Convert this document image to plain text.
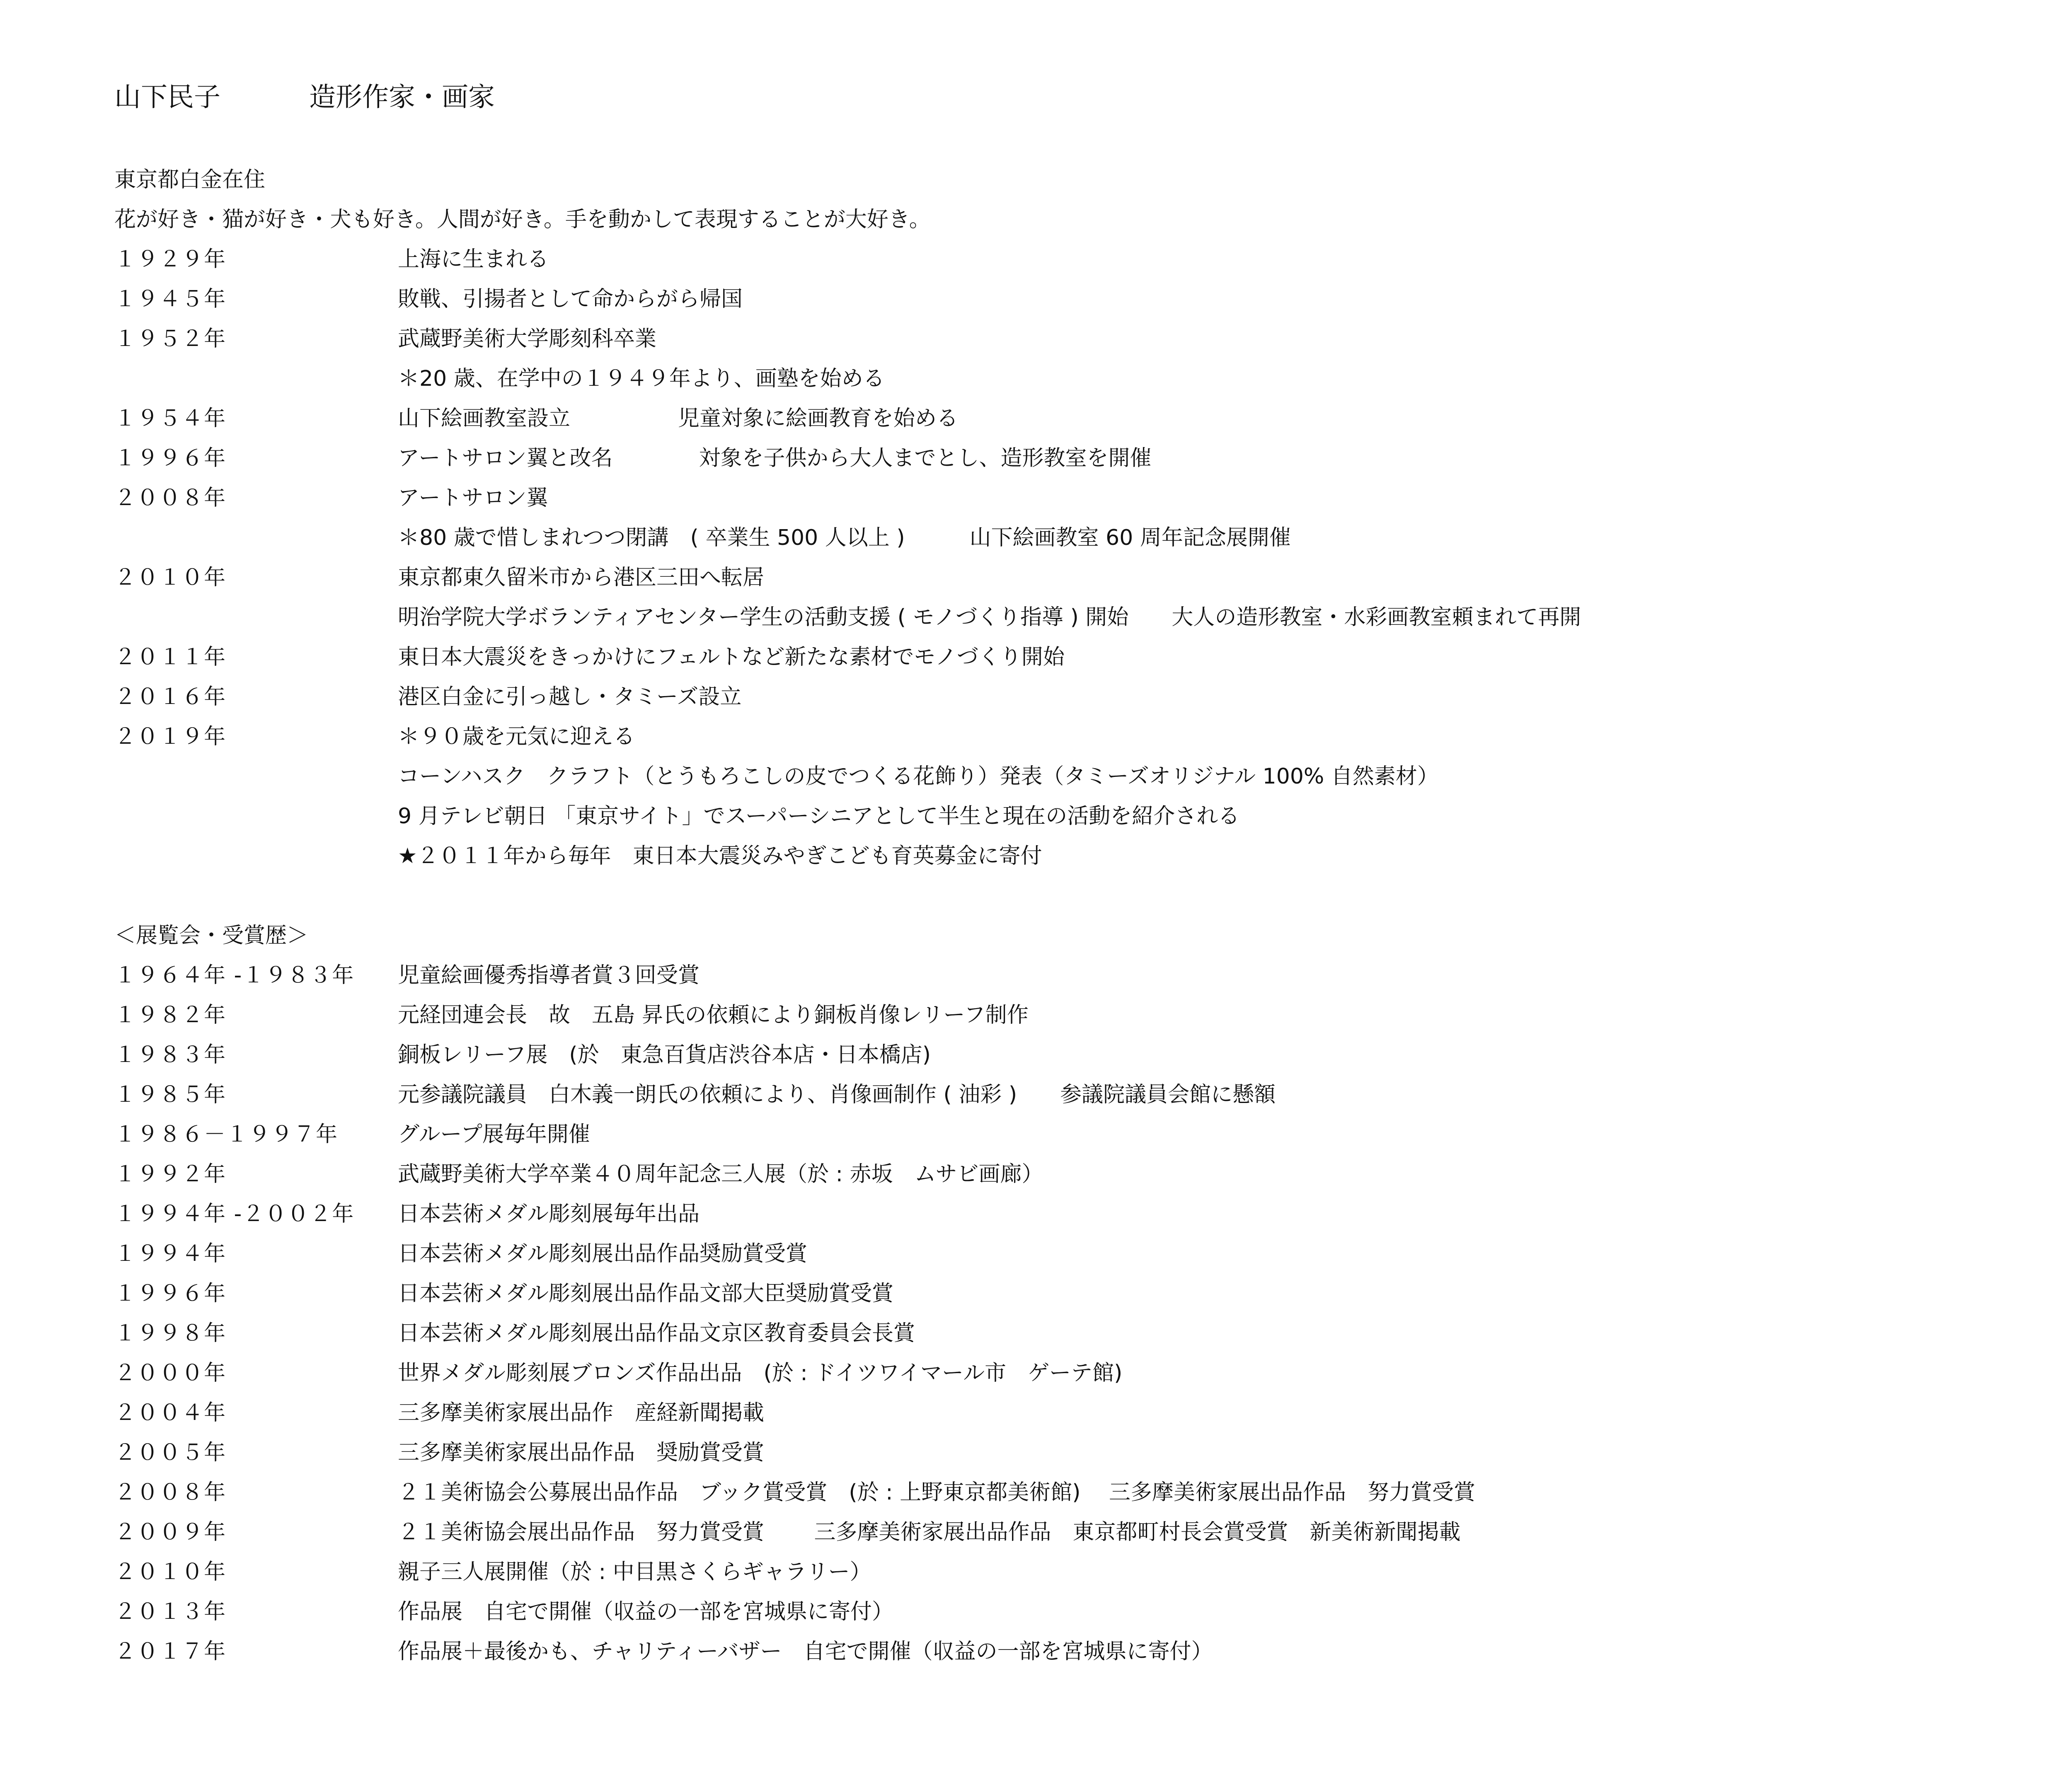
山下民子	造形作家・画家
東京都白金在住
花が好き・猫が好き・犬も好き。人間が好き。手を動かして表現することが大好き。
１９２９年	上海に生まれる
１９４５年	敗戦、引揚者として命からがら帰国
１９５２年	武蔵野美術大学彫刻科卒業
＊20 歳、在学中の１９４９年より、画塾を始める
１９５４年	山下絵画教室設立　　　　　児童対象に絵画教育を始める
１９９６年	アートサロン翼と改名　　　　対象を子供から大人までとし、造形教室を開催
２００８年	アートサロン翼
＊80 歳で惜しまれつつ閉講　( 卒業生 500 人以上 )　　　山下絵画教室 60 周年記念展開催
２０１０年	東京都東久留米市から港区三田へ転居
明治学院大学ボランティアセンター学生の活動支援 ( モノづくり指導 ) 開始　　大人の造形教室・水彩画教室頼まれて再開
２０１１年	東日本大震災をきっかけにフェルトなど新たな素材でモノづくり開始
２０１６年	港区白金に引っ越し・タミーズ設立
２０１９年	＊９０歳を元気に迎える
コーンハスク　クラフト（とうもろこしの皮でつくる花飾り）発表（タミーズオリジナル 100% 自然素材）
9 月テレビ朝日 「東京サイト」でスーパーシニアとして半生と現在の活動を紹介される
★２０１１年から毎年　東日本大震災みやぎこども育英募金に寄付
＜展覧会・受賞歴＞
１９６４年 -１９８３年	児童絵画優秀指導者賞３回受賞
１９８２年	元経団連会長　故　五島 昇氏の依頼により銅板肖像レリーフ制作
１９８３年	銅板レリーフ展　(於　東急百貨店渋谷本店・日本橋店)
１９８５年	元参議院議員　白木義一朗氏の依頼により、肖像画制作 ( 油彩 )　　参議院議員会館に懸額
１９８６－１９９７年	グループ展毎年開催
１９９２年	武蔵野美術大学卒業４０周年記念三人展（於 : 赤坂　ムサビ画廊）
１９９４年 -２００２年	日本芸術メダル彫刻展毎年出品
１９９４年	日本芸術メダル彫刻展出品作品奨励賞受賞
１９９６年	日本芸術メダル彫刻展出品作品文部大臣奨励賞受賞
１９９８年	日本芸術メダル彫刻展出品作品文京区教育委員会長賞
２０００年	世界メダル彫刻展ブロンズ作品出品　(於 : ドイツワイマール市　ゲーテ館)
２００４年	三多摩美術家展出品作　産経新聞掲載
２００５年	三多摩美術家展出品作品　奨励賞受賞
２００８年	２１美術協会公募展出品作品　ブック賞受賞　(於 : 上野東京都美術館)　 三多摩美術家展出品作品　努力賞受賞
２００９年	２１美術協会展出品作品　努力賞受賞　　 三多摩美術家展出品作品　東京都町村長会賞受賞　新美術新聞掲載
２０１０年	親子三人展開催（於 : 中目黒さくらギャラリー）
２０１３年	作品展　自宅で開催（収益の一部を宮城県に寄付）
２０１７年	作品展＋最後かも、チャリティーバザー　自宅で開催（収益の一部を宮城県に寄付）
